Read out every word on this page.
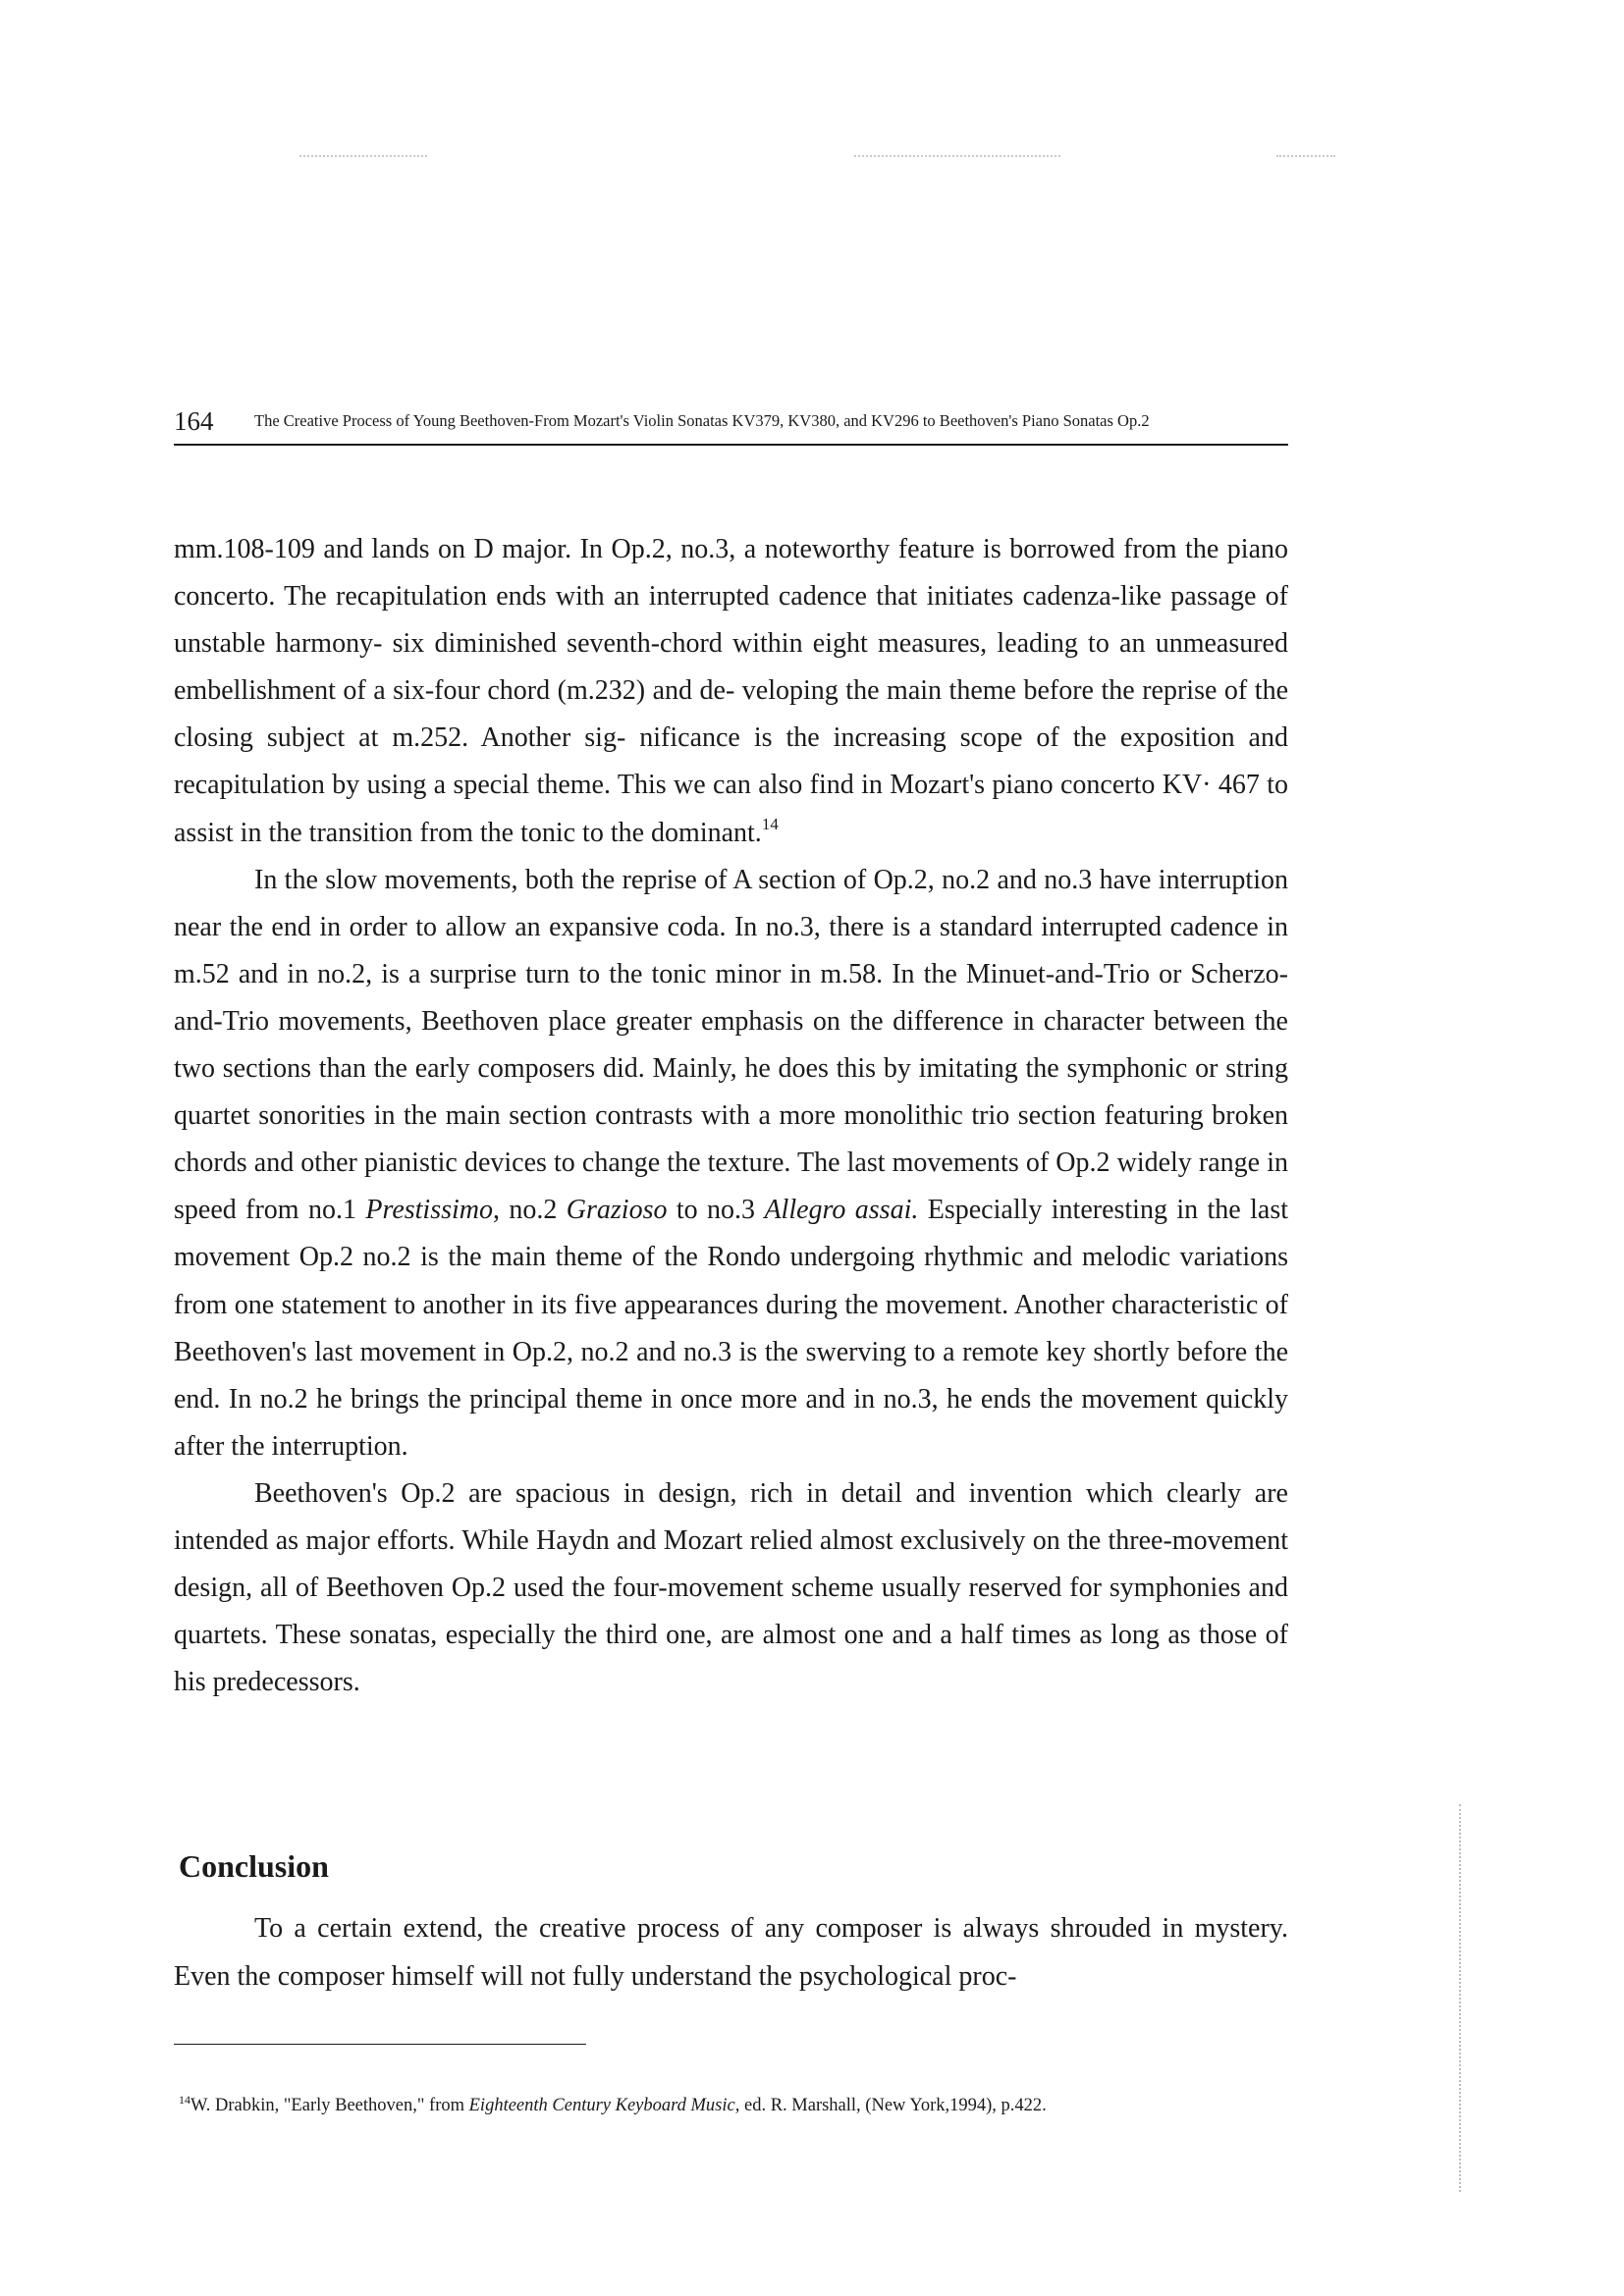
164	The Creative Process of Young Beethoven-From Mozart's Violin Sonatas KV379, KV380, and KV296 to Beethoven's Piano Sonatas Op.2

mm.108-109 and lands on D major. In Op.2, no.3, a noteworthy feature is borrowed from the piano concerto. The recapitulation ends with an interrupted cadence that initiates cadenza-like passage of unstable harmony- six diminished seventh-chord within eight measures, leading to an unmeasured embellishment of a six-four chord (m.232) and de- veloping the main theme before the reprise of the closing subject at m.252. Another sig- nificance is the increasing scope of the exposition and recapitulation by using a special theme. This we can also find in Mozart's piano concerto KV· 467 to assist in the transition from the tonic to the dominant.$^{14}$

In the slow movements, both the reprise of A section of Op.2, no.2 and no.3 have interruption near the end in order to allow an expansive coda. In no.3, there is a standard interrupted cadence in m.52 and in no.2, is a surprise turn to the tonic minor in m.58. In the Minuet-and-Trio or Scherzo-and-Trio movements, Beethoven place greater emphasis on the difference in character between the two sections than the early composers did. Mainly, he does this by imitating the symphonic or string quartet sonorities in the main section contrasts with a more monolithic trio section featuring broken chords and other pianistic devices to change the texture. The last movements of Op.2 widely range in speed from no.1 Prestissimo, no.2 Grazioso to no.3 Allegro assai. Especially interesting in the last movement Op.2 no.2 is the main theme of the Rondo undergoing rhythmic and melodic variations from one statement to another in its five appearances during the movement. Another characteristic of Beethoven's last movement in Op.2, no.2 and no.3 is the swerving to a remote key shortly before the end. In no.2 he brings the principal theme in once more and in no.3, he ends the movement quickly after the interruption.

Beethoven's Op.2 are spacious in design, rich in detail and invention which clearly are intended as major efforts. While Haydn and Mozart relied almost exclusively on the three-movement design, all of Beethoven Op.2 used the four-movement scheme usually reserved for symphonies and quartets. These sonatas, especially the third one, are almost one and a half times as long as those of his predecessors.

Conclusion

To a certain extend, the creative process of any composer is always shrouded in mystery. Even the composer himself will not fully understand the psychological proc-

$^{14}$W. Drabkin, "Early Beethoven," from Eighteenth Century Keyboard Music, ed. R. Marshall, (New York,1994), p.422.
